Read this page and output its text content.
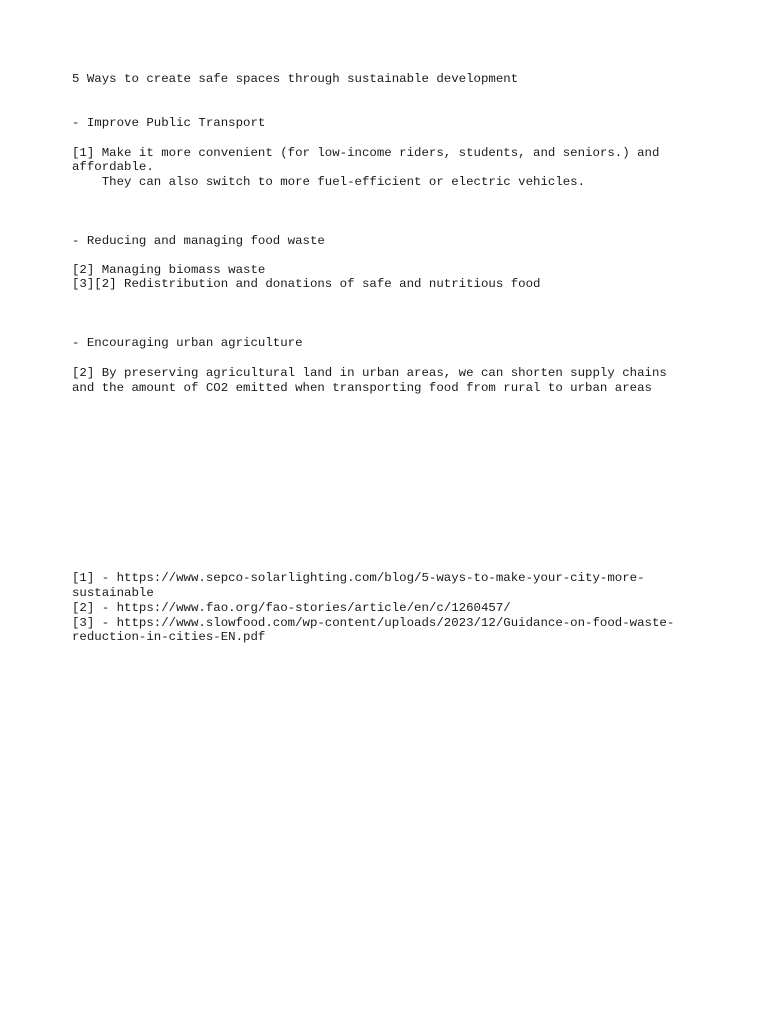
5 Ways to create safe spaces through sustainable development
- Improve Public Transport
[1] Make it more convenient (for low-income riders, students, and seniors.) and
affordable.
They can also switch to more fuel-efficient or electric vehicles.
- Reducing and managing food waste
[2] Managing biomass waste
[3][2] Redistribution and donations of safe and nutritious food
- Encouraging urban agriculture
[2] By preserving agricultural land in urban areas, we can shorten supply chains
and the amount of CO2 emitted when transporting food from rural to urban areas
[1] - https://www.sepco-solarlighting.com/blog/5-ways-to-make-your-city-more-
sustainable
[2] - https://www.fao.org/fao-stories/article/en/c/1260457/
[3] - https://www.slowfood.com/wp-content/uploads/2023/12/Guidance-on-food-waste-
reduction-in-cities-EN.pdf
